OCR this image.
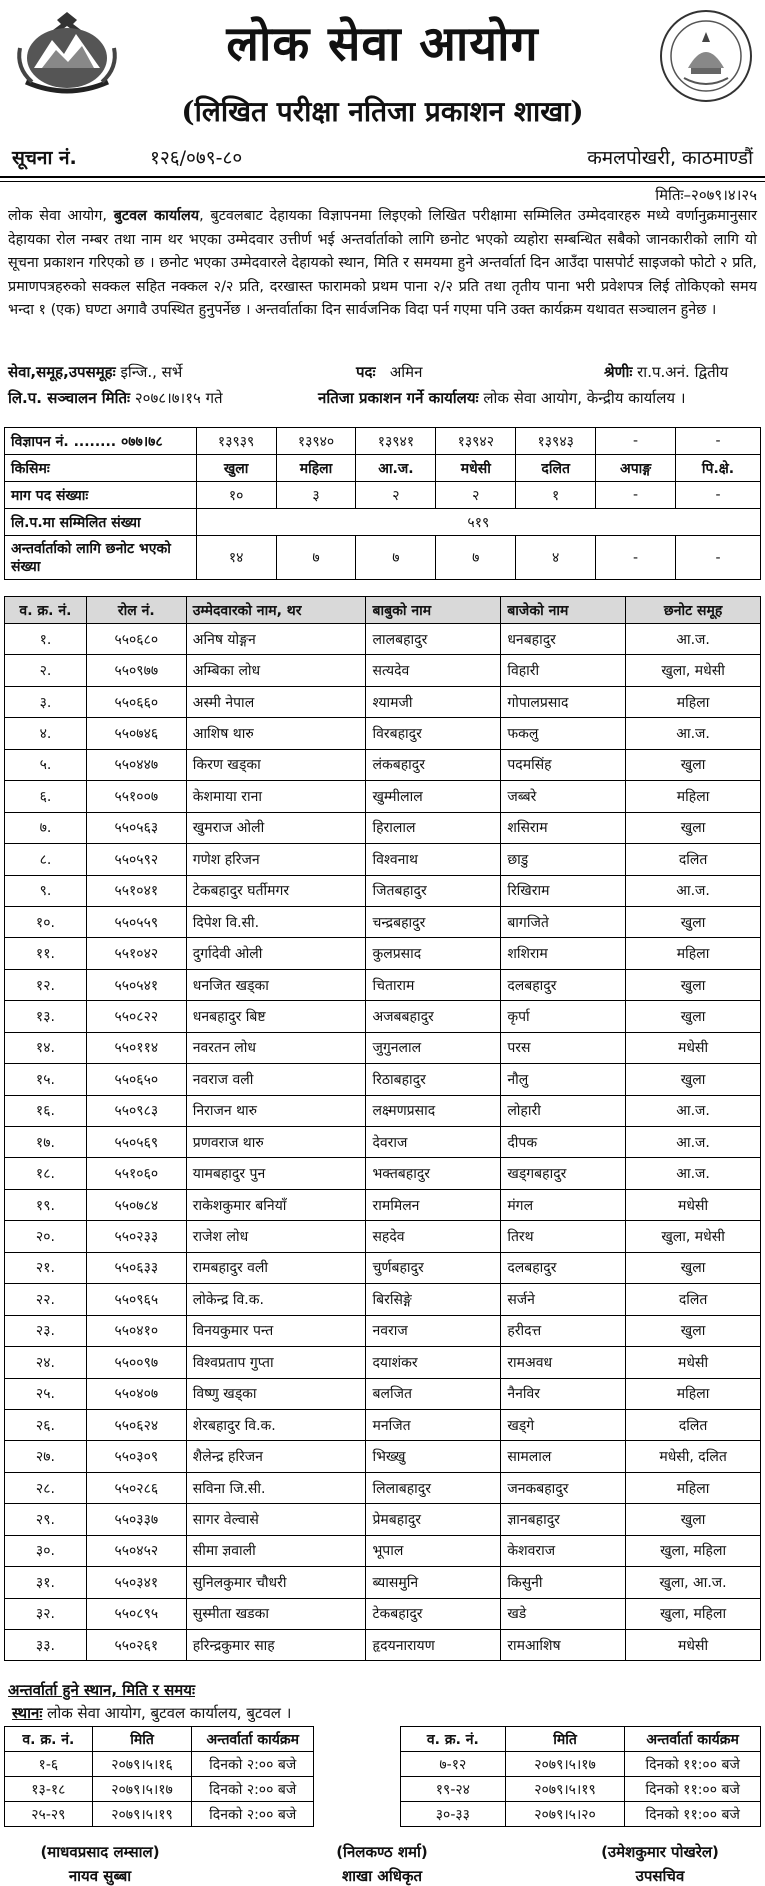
लोक सेवा आयोग
(लिखित परीक्षा नतिजा प्रकाशन शाखा)
सूचना नं.	१२६/०७९-८०	कमलपोखरी, काठमाण्डौं
मितिः–२०७९।४।२५
लोक सेवा आयोग, बुटवल कार्यालय, बुटवलबाट देहायका विज्ञापनमा लिइएको लिखित परीक्षामा सम्मिलित उम्मेदवारहरु मध्ये वर्णानुक्रमानुसार देहायका रोल नम्बर तथा नाम थर भएका उम्मेदवार उत्तीर्ण भई अन्तर्वार्ताको लागि छनोट भएको व्यहोरा सम्बन्धित सबैको जानकारीको लागि यो सूचना प्रकाशन गरिएको छ । छनोट भएका उम्मेदवारले देहायको स्थान, मिति र समयमा हुने अन्तर्वार्ता दिन आउँदा पासपोर्ट साइजको फोटो २ प्रति, प्रमाणपत्रहरुको सक्कल सहित नक्कल २/२ प्रति, दरखास्त फारामको प्रथम पाना २/२ प्रति तथा तृतीय पाना भरी प्रवेशपत्र लिई तोकिएको समय भन्दा १ (एक) घण्टा अगावै उपस्थित हुनुपर्नेछ । अन्तर्वार्ताका दिन सार्वजनिक विदा पर्न गएमा पनि उक्त कार्यक्रम यथावत सञ्चालन हुनेछ ।
सेवा,समूह,उपसमूहः इन्जि., सर्भे	पदः अमिन	श्रेणीः रा.प.अनं. द्वितीय
लि.प. सञ्चालन मितिः २०७८।७।१५ गते	नतिजा प्रकाशन गर्ने कार्यालयः लोक सेवा आयोग, केन्द्रीय कार्यालय ।
विज्ञापन नं. ........ ०७७।७८	१३९३९	१३९४०	१३९४१	१३९४२	१३९४३	-	-
किसिमः	खुला	महिला	आ.ज.	मधेसी	दलित	अपाङ्ग	पि.क्षे.
माग पद संख्याः	१०	३	२	२	१	-	-
लि.प.मा सम्मिलित संख्या	५१९						
अन्तर्वार्ताको लागि छनोट भएको संख्या	१४	७	७	७	४	-	-
व. क्र. नं.	रोल नं.	उम्मेदवारको नाम, थर	बाबुको नाम	बाजेको नाम	छनोट समूह
१.	५५०६८०	अनिष योङ्गन	लालबहादुर	धनबहादुर	आ.ज.
२.	५५०९७७	अम्बिका लोध	सत्यदेव	विहारी	खुला, मधेसी
३.	५५०६६०	अस्मी नेपाल	श्यामजी	गोपालप्रसाद	महिला
४.	५५०७४६	आशिष थारु	विरबहादुर	फकलु	आ.ज.
५.	५५०४४७	किरण खड्का	लंकबहादुर	पदमसिंह	खुला
६.	५५१००७	केशमाया राना	खुम्मीलाल	जब्बरे	महिला
७.	५५०५६३	खुमराज ओली	हिरालाल	शसिराम	खुला
८.	५५०५९२	गणेश हरिजन	विश्वनाथ	छाडु	दलित
९.	५५१०४१	टेकबहादुर घर्तीमगर	जितबहादुर	रिखिराम	आ.ज.
१०.	५५०५५९	दिपेश वि.सी.	चन्द्रबहादुर	बागजिते	खुला
११.	५५१०४२	दुर्गादेवी ओली	कुलप्रसाद	शशिराम	महिला
१२.	५५०५४१	धनजित खड्का	चिताराम	दलबहादुर	खुला
१३.	५५०८२२	धनबहादुर बिष्ट	अजबबहादुर	कृर्पा	खुला
१४.	५५०११४	नवरतन लोध	जुगुनलाल	परस	मधेसी
१५.	५५०६५०	नवराज वली	रिठाबहादुर	नौलु	खुला
१६.	५५०९८३	निराजन थारु	लक्ष्मणप्रसाद	लोहारी	आ.ज.
१७.	५५०५६९	प्रणवराज थारु	देवराज	दीपक	आ.ज.
१८.	५५१०६०	यामबहादुर पुन	भक्तबहादुर	खड्गबहादुर	आ.ज.
१९.	५५०७८४	राकेशकुमार बनियाँ	राममिलन	मंगल	मधेसी
२०.	५५०२३३	राजेश लोध	सहदेव	तिरथ	खुला, मधेसी
२१.	५५०६३३	रामबहादुर वली	चुर्णबहादुर	दलबहादुर	खुला
२२.	५५०९६५	लोकेन्द्र वि.क.	बिरसिङ्गे	सर्जने	दलित
२३.	५५०४१०	विनयकुमार पन्त	नवराज	हरीदत्त	खुला
२४.	५५००९७	विश्वप्रताप गुप्ता	दयाशंकर	रामअवध	मधेसी
२५.	५५०४०७	विष्णु खड्का	बलजित	नैनविर	महिला
२६.	५५०६२४	शेरबहादुर वि.क.	मनजित	खड्गे	दलित
२७.	५५०३०९	शैलेन्द्र हरिजन	भिख्खु	सामलाल	मधेसी, दलित
२८.	५५०२८६	सविना जि.सी.	लिलाबहादुर	जनकबहादुर	महिला
२९.	५५०३३७	सागर वेल्वासे	प्रेमबहादुर	ज्ञानबहादुर	खुला
३०.	५५०४५२	सीमा ज्ञवाली	भूपाल	केशवराज	खुला, महिला
३१.	५५०३४१	सुनिलकुमार चौधरी	ब्यासमुनि	किसुनी	खुला, आ.ज.
३२.	५५०८९५	सुस्मीता खडका	टेकबहादुर	खडे	खुला, महिला
३३.	५५०२६१	हरिन्द्रकुमार साह	हृदयनारायण	रामआशिष	मधेसी
अन्तर्वार्ता हुने स्थान, मिति र समयः
स्थानः लोक सेवा आयोग, बुटवल कार्यालय, बुटवल ।
व. क्र. नं.	मिति	अन्तर्वार्ता कार्यक्रम
१-६	२०७९।५।१६	दिनको २:०० बजे
१३-१८	२०७९।५।१७	दिनको २:०० बजे
२५-२९	२०७९।५।१९	दिनको २:०० बजे
व. क्र. नं.	मिति	अन्तर्वार्ता कार्यक्रम
७-१२	२०७९।५।१७	दिनको ११:०० बजे
१९-२४	२०७९।५।१९	दिनको ११:०० बजे
३०-३३	२०७९।५।२०	दिनको ११:०० बजे
(माधवप्रसाद लम्साल)
नायव सुब्बा
(निलकण्ठ शर्मा)
शाखा अधिकृत
(उमेशकुमार पोखरेल)
उपसचिव
